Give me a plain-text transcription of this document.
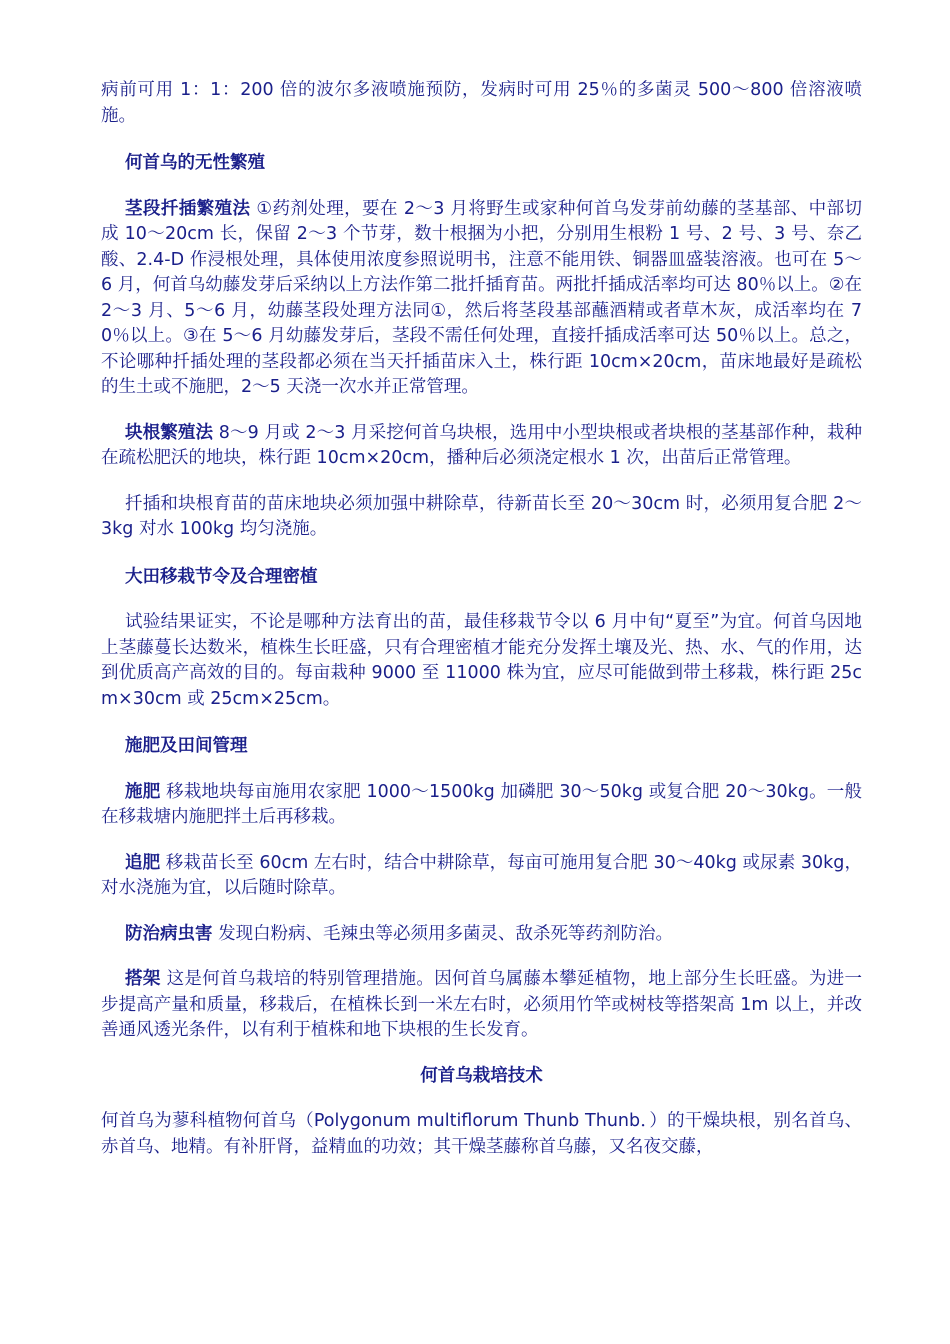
病前可用 1：1：200 倍的波尔多液喷施预防，发病时可用 25％的多菌灵 500～800 倍溶液喷施。

何首乌的无性繁殖

茎段扦插繁殖法 ①药剂处理，要在 2～3 月将野生或家种何首乌发芽前幼藤的茎基部、中部切成 10～20cm 长，保留 2～3 个节芽，数十根捆为小把，分别用生根粉 1 号、2 号、3 号、奈乙酸、2.4-D 作浸根处理，具体使用浓度参照说明书，注意不能用铁、铜器皿盛装溶液。也可在 5～6 月，何首乌幼藤发芽后采纳以上方法作第二批扦插育苗。两批扦插成活率均可达 80％以上。②在 2～3 月、5～6 月，幼藤茎段处理方法同①，然后将茎段基部蘸酒精或者草木灰，成活率均在 70％以上。③在 5～6 月幼藤发芽后，茎段不需任何处理，直接扦插成活率可达 50％以上。总之，不论哪种扦插处理的茎段都必须在当天扦插苗床入土，株行距 10cm×20cm，苗床地最好是疏松的生土或不施肥，2～5 天浇一次水并正常管理。

块根繁殖法 8～9 月或 2～3 月采挖何首乌块根，选用中小型块根或者块根的茎基部作种，栽种在疏松肥沃的地块，株行距 10cm×20cm，播种后必须浇定根水 1 次，出苗后正常管理。

扦插和块根育苗的苗床地块必须加强中耕除草，待新苗长至 20～30cm 时，必须用复合肥 2～3kg 对水 100kg 均匀浇施。

大田移栽节令及合理密植

试验结果证实，不论是哪种方法育出的苗，最佳移栽节令以 6 月中旬“夏至”为宜。何首乌因地上茎藤蔓长达数米，植株生长旺盛，只有合理密植才能充分发挥土壤及光、热、水、气的作用，达到优质高产高效的目的。每亩栽种 9000 至 11000 株为宜，应尽可能做到带土移栽，株行距 25cm×30cm 或 25cm×25cm。

施肥及田间管理

施肥 移栽地块每亩施用农家肥 1000～1500kg 加磷肥 30～50kg 或复合肥 20～30kg。一般在移栽塘内施肥拌土后再移栽。

追肥 移栽苗长至 60cm 左右时，结合中耕除草，每亩可施用复合肥 30～40kg 或尿素 30kg，对水浇施为宜，以后随时除草。

防治病虫害 发现白粉病、毛辣虫等必须用多菌灵、敌杀死等药剂防治。

搭架 这是何首乌栽培的特别管理措施。因何首乌属藤本攀延植物，地上部分生长旺盛。为进一步提高产量和质量，移栽后，在植株长到一米左右时，必须用竹竿或树枝等搭架高 1m 以上，并改善通风透光条件，以有利于植株和地下块根的生长发育。

何首乌栽培技术

何首乌为蓼科植物何首乌（Polygonum multiflorum Thunb Thunb．）的干燥块根，别名首乌、赤首乌、地精。有补肝肾，益精血的功效；其干燥茎藤称首乌藤，又名夜交藤，
